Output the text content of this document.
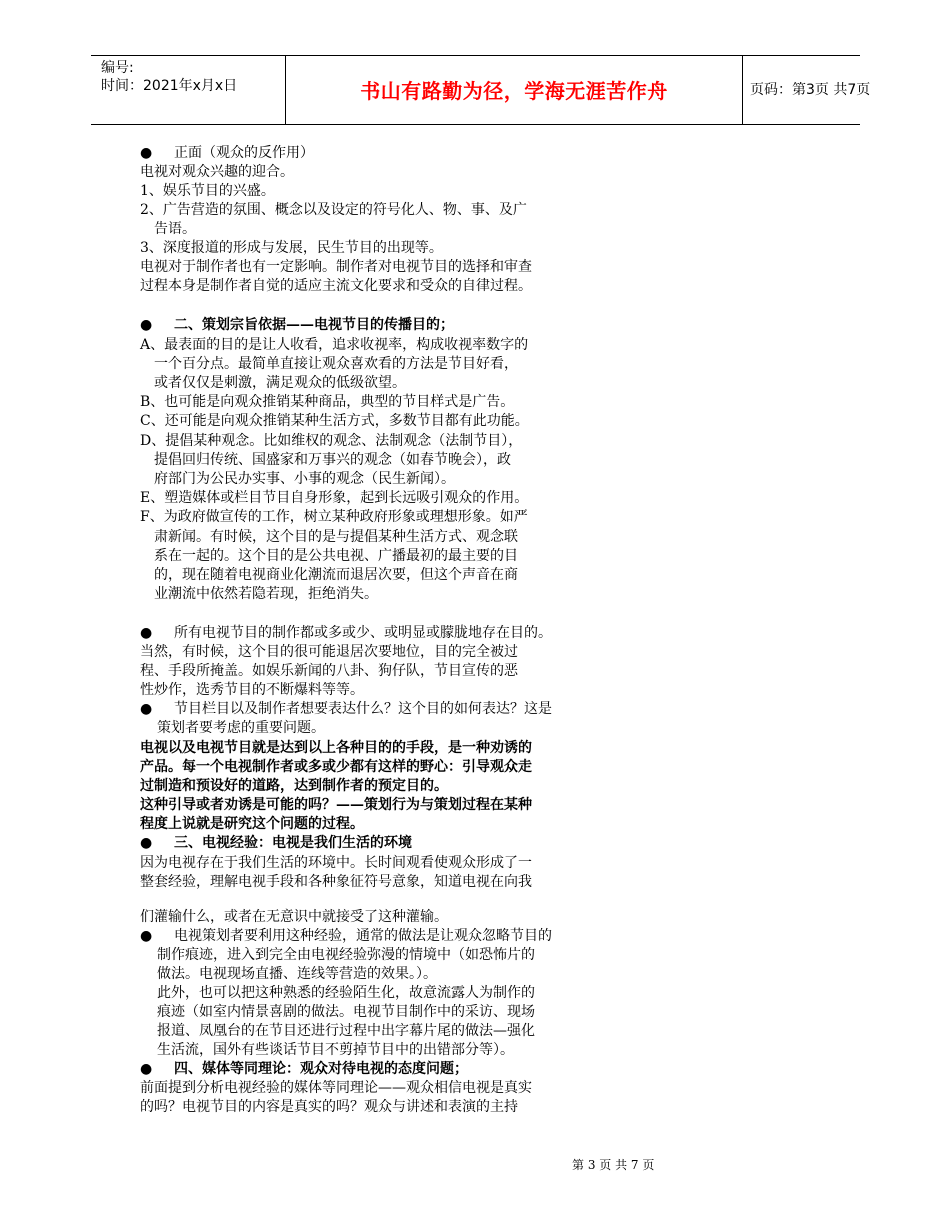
编号:
时间：2021年x月x日	书山有路勤为径，学海无涯苦作舟	页码：第3页 共7页
● 正面（观众的反作用）
电视对观众兴趣的迎合。
1、娱乐节目的兴盛。
2、广告营造的氛围、概念以及设定的符号化人、物、事、及广
告语。
3、深度报道的形成与发展，民生节目的出现等。
电视对于制作者也有一定影响。制作者对电视节目的选择和审查
过程本身是制作者自觉的适应主流文化要求和受众的自律过程。
● 二、策划宗旨依据——电视节目的传播目的；
A、最表面的目的是让人收看，追求收视率，构成收视率数字的
一个百分点。最简单直接让观众喜欢看的方法是节目好看，
或者仅仅是刺激，满足观众的低级欲望。
B、也可能是向观众推销某种商品，典型的节目样式是广告。
C、还可能是向观众推销某种生活方式，多数节目都有此功能。
D、提倡某种观念。比如维权的观念、法制观念（法制节目），
提倡回归传统、国盛家和万事兴的观念（如春节晚会），政
府部门为公民办实事、小事的观念（民生新闻）。
E、塑造媒体或栏目节目自身形象，起到长远吸引观众的作用。
F、为政府做宣传的工作，树立某种政府形象或理想形象。如严
肃新闻。有时候，这个目的是与提倡某种生活方式、观念联
系在一起的。这个目的是公共电视、广播最初的最主要的目
的，现在随着电视商业化潮流而退居次要，但这个声音在商
业潮流中依然若隐若现，拒绝消失。
● 所有电视节目的制作都或多或少、或明显或朦胧地存在目的。
当然，有时候，这个目的很可能退居次要地位，目的完全被过
程、手段所掩盖。如娱乐新闻的八卦、狗仔队，节目宣传的恶
性炒作，选秀节目的不断爆料等等。
● 节目栏目以及制作者想要表达什么？这个目的如何表达？这是
策划者要考虑的重要问题。
电视以及电视节目就是达到以上各种目的的手段，是一种劝诱的
产品。每一个电视制作者或多或少都有这样的野心：引导观众走
过制造和预设好的道路，达到制作者的预定目的。
这种引导或者劝诱是可能的吗？——策划行为与策划过程在某种
程度上说就是研究这个问题的过程。
● 三、电视经验：电视是我们生活的环境
因为电视存在于我们生活的环境中。长时间观看使观众形成了一
整套经验，理解电视手段和各种象征符号意象，知道电视在向我
们灌输什么，或者在无意识中就接受了这种灌输。
● 电视策划者要利用这种经验，通常的做法是让观众忽略节目的
制作痕迹，进入到完全由电视经验弥漫的情境中（如恐怖片的
做法。电视现场直播、连线等营造的效果。）。
此外，也可以把这种熟悉的经验陌生化，故意流露人为制作的
痕迹（如室内情景喜剧的做法。电视节目制作中的采访、现场
报道、凤凰台的在节目还进行过程中出字幕片尾的做法—强化
生活流，国外有些谈话节目不剪掉节目中的出错部分等）。
● 四、媒体等同理论：观众对待电视的态度问题；
前面提到分析电视经验的媒体等同理论——观众相信电视是真实
的吗？电视节目的内容是真实的吗？观众与讲述和表演的主持
第 3 页 共 7 页
